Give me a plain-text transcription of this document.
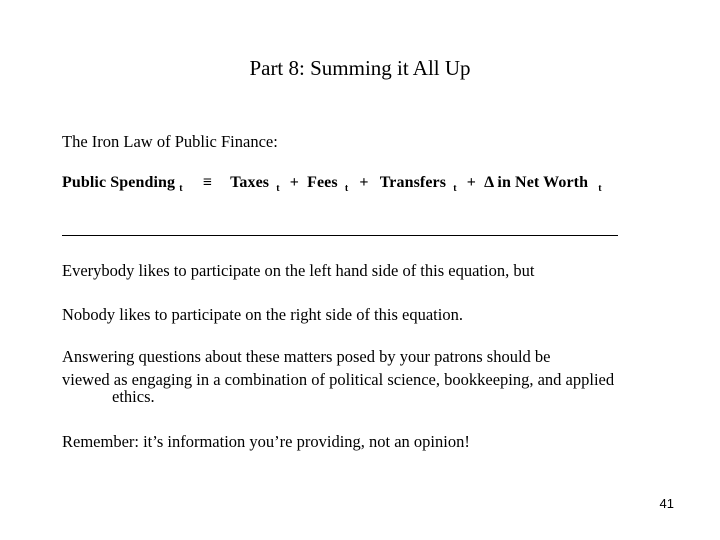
Part 8: Summing it All Up
The Iron Law of Public Finance:
Public Spending t ≡ Taxes t + Fees t + Transfers t + Δ in Net Worth t
Everybody likes to participate on the left hand side of this equation, but
Nobody likes to participate on the right side of this equation.
Answering questions about these matters posed by your patrons should be
viewed as engaging in a combination of political science, bookkeeping, and applied
ethics.
Remember: it’s information you’re providing, not an opinion!
41
